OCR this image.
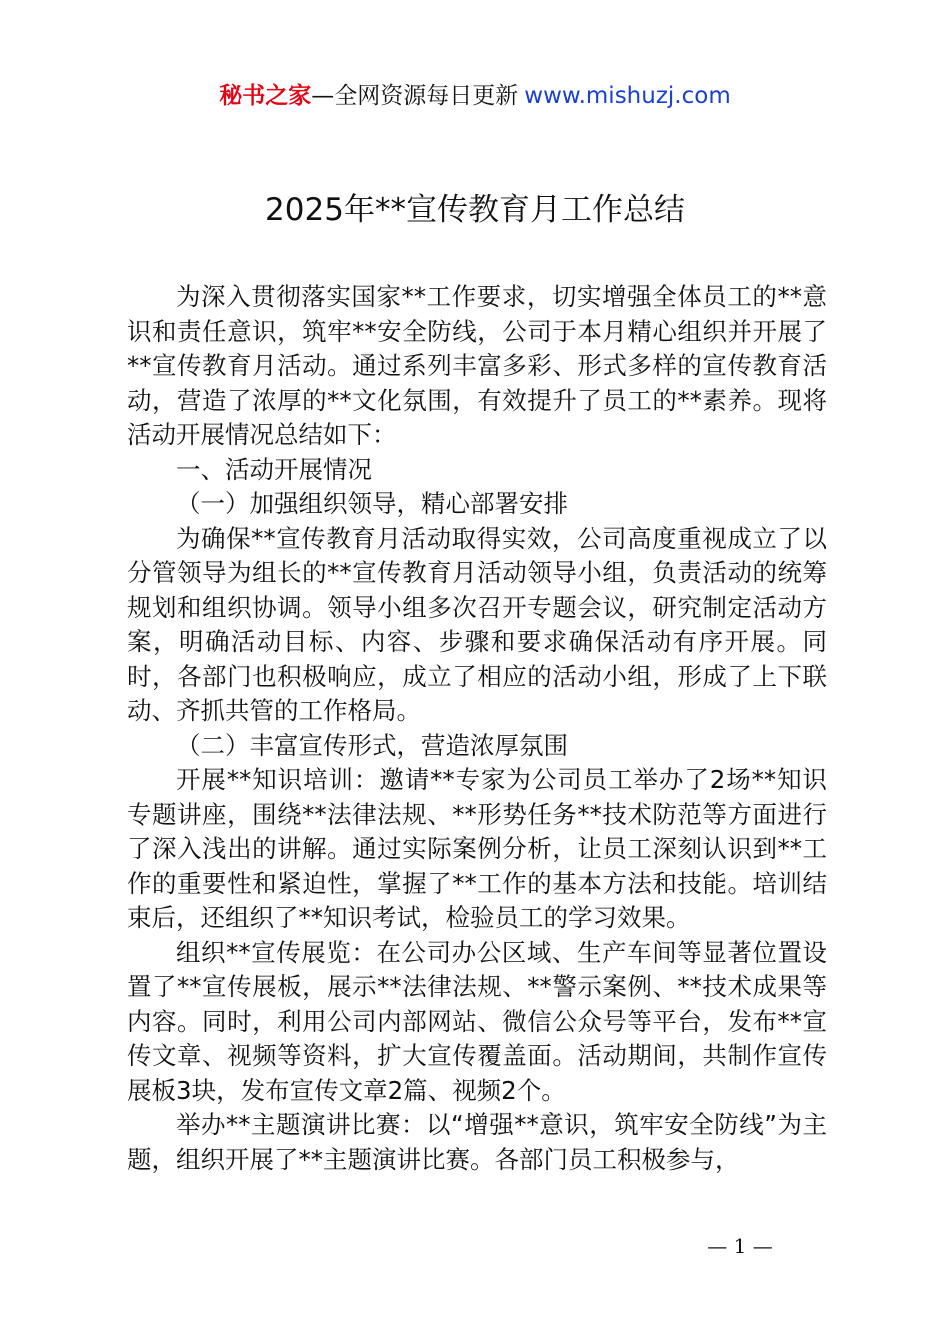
秘书之家—全网资源每日更新 www.mishuzj.com
2025年**宣传教育月工作总结

为深入贯彻落实国家**工作要求，切实增强全体员工的**意识和责任意识，筑牢**安全防线，公司于本月精心组织并开展了**宣传教育月活动。通过系列丰富多彩、形式多样的宣传教育活动，营造了浓厚的**文化氛围，有效提升了员工的**素养。现将活动开展情况总结如下：

一、活动开展情况

（一）加强组织领导，精心部署安排

为确保**宣传教育月活动取得实效，公司高度重视成立了以分管领导为组长的**宣传教育月活动领导小组，负责活动的统筹规划和组织协调。领导小组多次召开专题会议，研究制定活动方案，明确活动目标、内容、步骤和要求确保活动有序开展。同时，各部门也积极响应，成立了相应的活动小组，形成了上下联动、齐抓共管的工作格局。

（二）丰富宣传形式，营造浓厚氛围

开展**知识培训：邀请**专家为公司员工举办了2场**知识专题讲座，围绕**法律法规、**形势任务**技术防范等方面进行了深入浅出的讲解。通过实际案例分析，让员工深刻认识到**工作的重要性和紧迫性，掌握了**工作的基本方法和技能。培训结束后，还组织了**知识考试，检验员工的学习效果。

组织**宣传展览：在公司办公区域、生产车间等显著位置设置了**宣传展板，展示**法律法规、**警示案例、**技术成果等内容。同时，利用公司内部网站、微信公众号等平台，发布**宣传文章、视频等资料，扩大宣传覆盖面。活动期间，共制作宣传展板3块，发布宣传文章2篇、视频2个。

举办**主题演讲比赛：以“增强**意识，筑牢安全防线”为主题，组织开展了**主题演讲比赛。各部门员工积极参与，

— 1 —
